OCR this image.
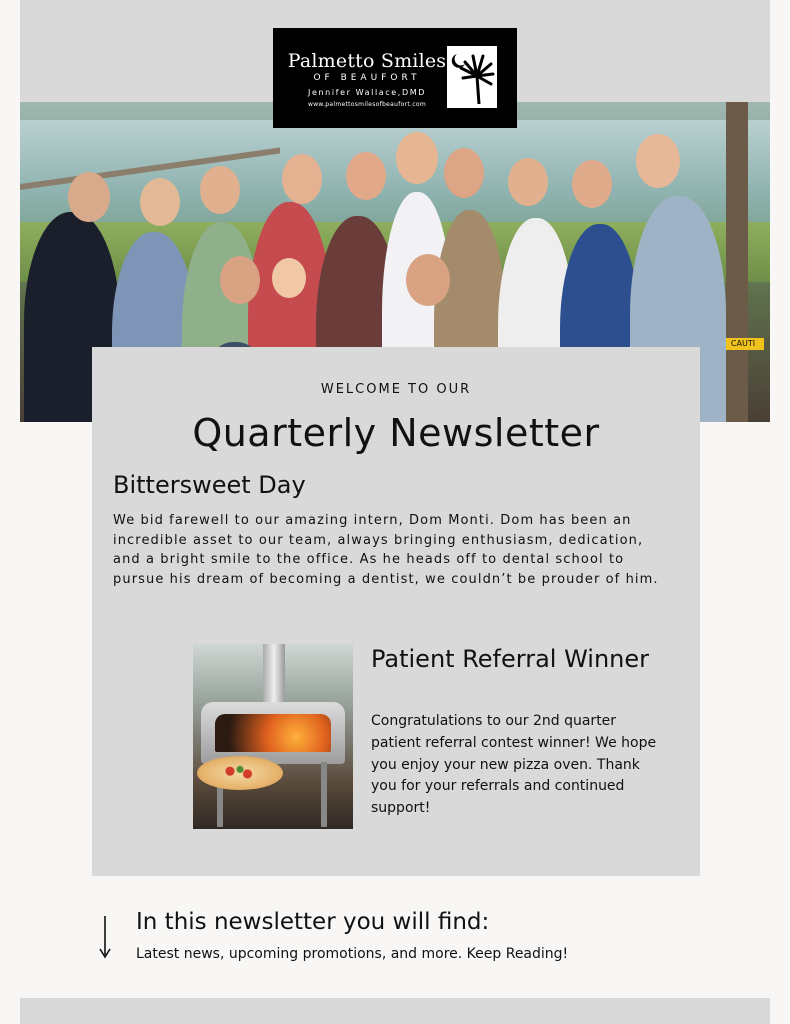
CAUTI
Palmetto Smiles
OF BEAUFORT
Jennifer Wallace,DMD
www.palmettosmilesofbeaufort.com
WELCOME TO OUR
Quarterly Newsletter
Bittersweet Day
We bid farewell to our amazing intern, Dom Monti. Dom has been an incredible asset to our team, always bringing enthusiasm, dedication, and a bright smile to the office. As he heads off to dental school to pursue his dream of becoming a dentist, we couldn’t be prouder of him.
Patient Referral Winner
Congratulations to our 2nd quarter patient referral contest winner! We hope you enjoy your new pizza oven. Thank you for your referrals and continued support!
In this newsletter you will find:
Latest news, upcoming promotions, and more. Keep Reading!
